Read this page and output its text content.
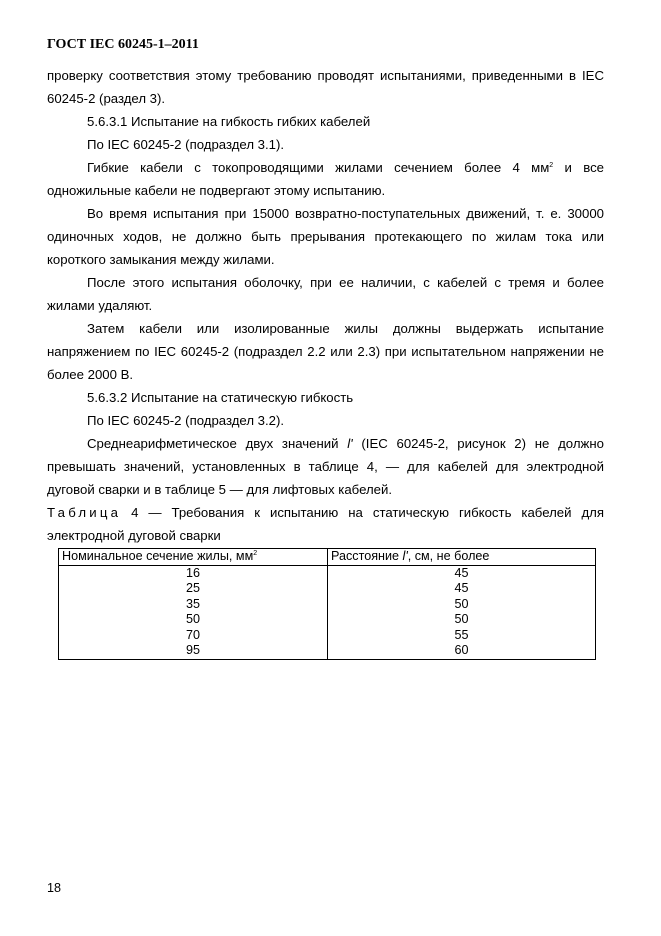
ГОСТ IEC 60245-1–2011

проверку соответствия этому требованию проводят испытаниями, приведенными в IEC 60245-2 (раздел 3).

5.6.3.1 Испытание на гибкость гибких кабелей

По IEC 60245-2 (подраздел 3.1).

Гибкие кабели с токопроводящими жилами сечением более 4 $мм^2$ и все одножильные кабели не подвергают этому испытанию.

Во время испытания при 15000 возвратно-поступательных движений, т. е. 30000 одиночных ходов, не должно быть прерывания протекающего по жилам тока или короткого замыкания между жилами.

После этого испытания оболочку, при ее наличии, с кабелей с тремя и более жилами удаляют.

Затем кабели или изолированные жилы должны выдержать испытание напряжением по IEC 60245-2 (подраздел 2.2 или 2.3) при испытательном напряжении не более 2000 В.

5.6.3.2 Испытание на статическую гибкость

По IEC 60245-2 (подраздел 3.2).

Среднеарифметическое двух значений l' (IEC 60245-2, рисунок 2) не должно превышать значений, установленных в таблице 4, — для кабелей для электродной дуговой сварки и в таблице 5 — для лифтовых кабелей.

Таблица 4 — Требования к испытанию на статическую гибкость кабелей для электродной дуговой сварки

Номинальное сечение жилы, $мм^2$	Расстояние l', см, не более
16	45
25	45
35	50
50	50
70	55
95	60
18
